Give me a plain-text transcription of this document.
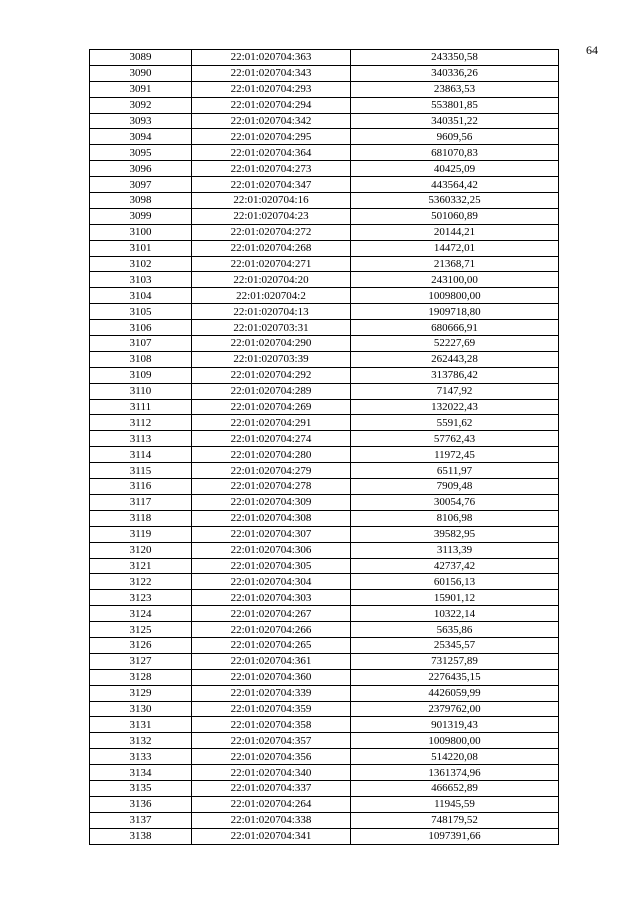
64
3089	22:01:020704:363	243350,58
3090	22:01:020704:343	340336,26
3091	22:01:020704:293	23863,53
3092	22:01:020704:294	553801,85
3093	22:01:020704:342	340351,22
3094	22:01:020704:295	9609,56
3095	22:01:020704:364	681070,83
3096	22:01:020704:273	40425,09
3097	22:01:020704:347	443564,42
3098	22:01:020704:16	5360332,25
3099	22:01:020704:23	501060,89
3100	22:01:020704:272	20144,21
3101	22:01:020704:268	14472,01
3102	22:01:020704:271	21368,71
3103	22:01:020704:20	243100,00
3104	22:01:020704:2	1009800,00
3105	22:01:020704:13	1909718,80
3106	22:01:020703:31	680666,91
3107	22:01:020704:290	52227,69
3108	22:01:020703:39	262443,28
3109	22:01:020704:292	313786,42
3110	22:01:020704:289	7147,92
3111	22:01:020704:269	132022,43
3112	22:01:020704:291	5591,62
3113	22:01:020704:274	57762,43
3114	22:01:020704:280	11972,45
3115	22:01:020704:279	6511,97
3116	22:01:020704:278	7909,48
3117	22:01:020704:309	30054,76
3118	22:01:020704:308	8106,98
3119	22:01:020704:307	39582,95
3120	22:01:020704:306	3113,39
3121	22:01:020704:305	42737,42
3122	22:01:020704:304	60156,13
3123	22:01:020704:303	15901,12
3124	22:01:020704:267	10322,14
3125	22:01:020704:266	5635,86
3126	22:01:020704:265	25345,57
3127	22:01:020704:361	731257,89
3128	22:01:020704:360	2276435,15
3129	22:01:020704:339	4426059,99
3130	22:01:020704:359	2379762,00
3131	22:01:020704:358	901319,43
3132	22:01:020704:357	1009800,00
3133	22:01:020704:356	514220,08
3134	22:01:020704:340	1361374,96
3135	22:01:020704:337	466652,89
3136	22:01:020704:264	11945,59
3137	22:01:020704:338	748179,52
3138	22:01:020704:341	1097391,66
